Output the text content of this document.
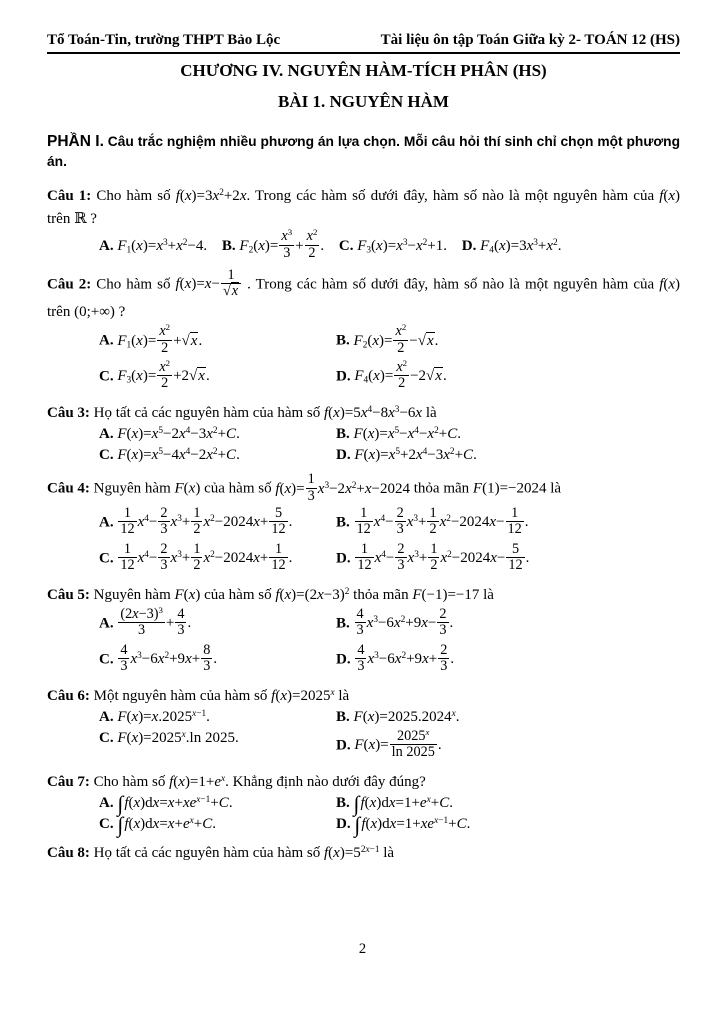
Tổ Toán-Tin, trường THPT Bảo Lộc	Tài liệu ôn tập Toán Giữa kỳ 2- TOÁN 12 (HS)
CHƯƠNG IV. NGUYÊN HÀM-TÍCH PHÂN (HS)
BÀI 1. NGUYÊN HÀM

PHẦN I. Câu trắc nghiệm nhiều phương án lựa chọn. Mỗi câu hỏi thí sinh chỉ chọn một phương án.

Câu 1: Cho hàm số $f(x)=3x^2+2x$. Trong các hàm số dưới đây, hàm số nào là một nguyên hàm của f(x) trên ℝ ?

A. $F_1(x)=x^3+x^2-4$. B. $F_2(x)= \frac{x^3}{3} + \frac{x^2}{2}$ . C. $F_3(x)=x^3-x^2+1$. D. $F_4(x)=3x^3+x^2$.

Câu 2: Cho hàm số $f(x)=x- \frac{1}{√x}$ . Trong các hàm số dưới đây, hàm số nào là một nguyên hàm của f(x) trên (0;+∞) ?

A. $F_1(x)= \frac{x^2}{2} +√x$.	B. $F_2(x)= \frac{x^2}{2} -√x$.
C. $F_3(x)= \frac{x^2}{2} +2√x$.	D. $F_4(x)= \frac{x^2}{2} -2√x$.

Câu 3: Họ tất cả các nguyên hàm của hàm số $f(x)=5x^4-8x^3-6x$ là

A. $F(x)=x^5-2x^4-3x^2+C$.	B. $F(x)=x^5-x^4-x^2+C$.
C. $F(x)=x^5-4x^4-2x^2+C$.	D. $F(x)=x^5+2x^4-3x^2+C$.

Câu 4: Nguyên hàm F(x) của hàm số $f(x)= \frac{1}{3} x^3-2x^2+x-2024$ thỏa mãn F(1)=−2024 là

A. $\frac{1}{12} x^4- \frac{2}{3} x^3+ \frac{1}{2} x^2-2024x+ \frac{5}{12}$ .	B. $\frac{1}{12} x^4- \frac{2}{3} x^3+ \frac{1}{2} x^2-2024x- \frac{1}{12}$ .
C. $\frac{1}{12} x^4- \frac{2}{3} x^3+ \frac{1}{2} x^2-2024x+ \frac{1}{12}$ .	D. $\frac{1}{12} x^4- \frac{2}{3} x^3+ \frac{1}{2} x^2-2024x- \frac{5}{12}$ .

Câu 5: Nguyên hàm F(x) của hàm số $f(x)=(2x-3)^2$ thỏa mãn F(−1)=−17 là

A. $\frac{(2x-3)^3}{3} + \frac{4}{3}$ .	B. $\frac{4}{3} x^3-6x^2+9x- \frac{2}{3}$ .
C. $\frac{4}{3} x^3-6x^2+9x+ \frac{8}{3}$ .	D. $\frac{4}{3} x^3-6x^2+9x+ \frac{2}{3}$ .

Câu 6: Một nguyên hàm của hàm số $f(x)=2025^x$ là

A. $F(x)=x.2025^{x-1}$.	B. $F(x)=2025.2024^x$.
C. $F(x)=2025^x.\ln$ 2025.	D. $F(x)= \frac{2025^x}{\ln 2025}$ .

Câu 7: Cho hàm số $f(x)=1+e^x$. Khẳng định nào dưới đây đúng?

A. $\int f(x)dx=x+xe^{x-1}+C$.	B. $\int f(x)dx=1+e^x+C$.
C. $\int f(x)dx=x+e^x+C$.	D. $\int f(x)dx=1+xe^{x-1}+C$.

Câu 8: Họ tất cả các nguyên hàm của hàm số $f(x)=5^{2x-1}$ là

2
